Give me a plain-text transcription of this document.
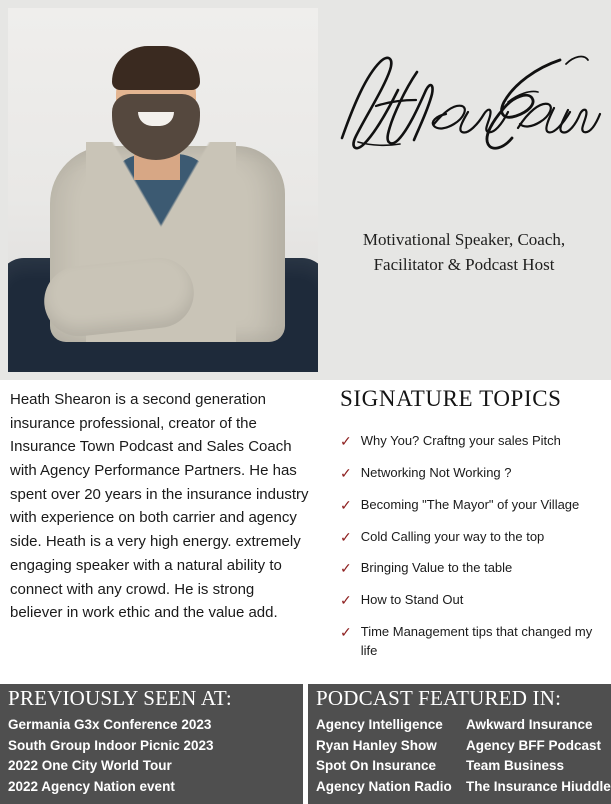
Motivational Speaker, Coach,
Facilitator & Podcast Host
Heath Shearon is a second generation insurance professional, creator of the Insurance Town Podcast and Sales Coach with Agency Performance Partners. He has spent over 20 years in the insurance industry with experience on both carrier and agency side. Heath is a very high energy. extremely engaging speaker with a natural ability to connect with any crowd. He is strong believer in work ethic and the value add.
SIGNATURE TOPICS
✓ Why You? Craftng your sales Pitch
✓ Networking Not Working ?
✓ Becoming "The Mayor" of your Village
✓ Cold Calling your way to the top
✓ Bringing Value to the table
✓ How to Stand Out
✓ Time Management tips that changed my life
PREVIOUSLY SEEN AT:
Germania G3x Conference 2023
South Group Indoor Picnic 2023
2022 One City World Tour
2022 Agency Nation event
PODCAST FEATURED IN:
Agency Intelligence	Awkward Insurance
Ryan Hanley Show	Agency BFF Podcast
Spot On Insurance	Team Business
Agency Nation Radio	The Insurance Hiuddle
